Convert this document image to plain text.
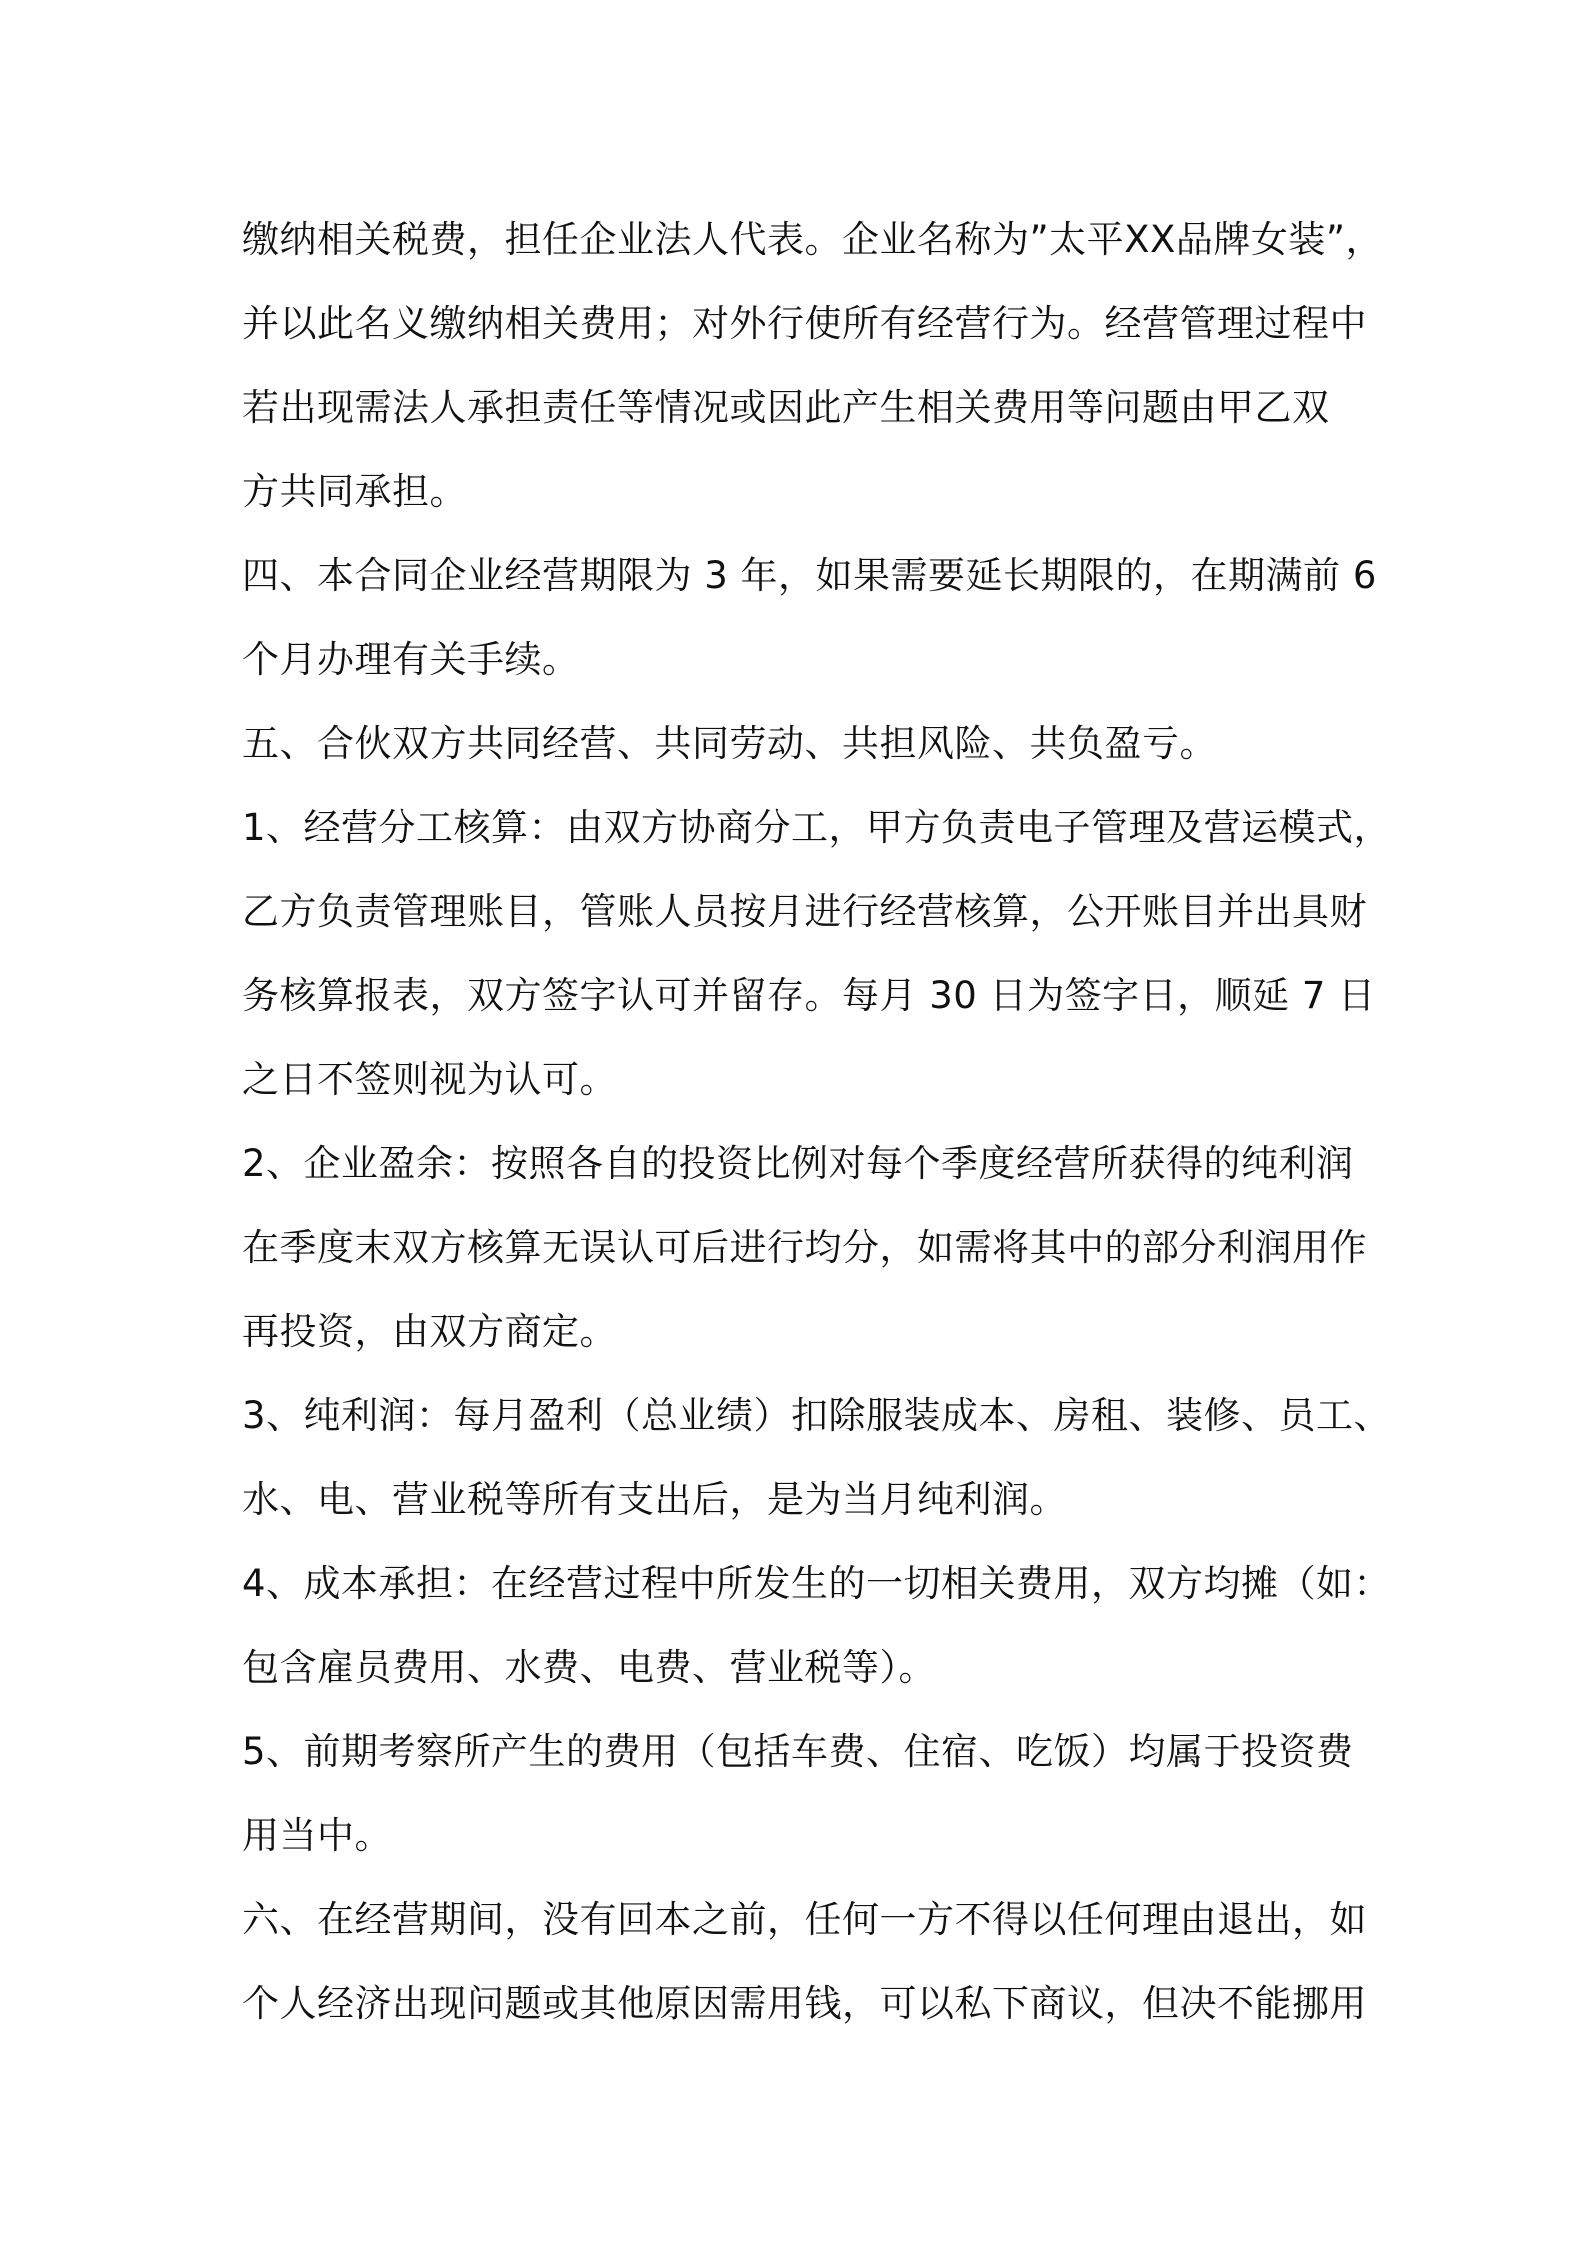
缴纳相关税费，担任企业法人代表。企业名称为”太平XX品牌女装”，
并以此名义缴纳相关费用；对外行使所有经营行为。经营管理过程中
若出现需法人承担责任等情况或因此产生相关费用等问题由甲乙双
方共同承担。
四、本合同企业经营期限为 3 年，如果需要延长期限的，在期满前 6
个月办理有关手续。
五、合伙双方共同经营、共同劳动、共担风险、共负盈亏。
1、经营分工核算：由双方协商分工，甲方负责电子管理及营运模式，
乙方负责管理账目，管账人员按月进行经营核算，公开账目并出具财
务核算报表，双方签字认可并留存。每月 30 日为签字日，顺延 7 日
之日不签则视为认可。
2、企业盈余：按照各自的投资比例对每个季度经营所获得的纯利润
在季度末双方核算无误认可后进行均分，如需将其中的部分利润用作
再投资，由双方商定。
3、纯利润：每月盈利（总业绩）扣除服装成本、房租、装修、员工、
水、电、营业税等所有支出后，是为当月纯利润。
4、成本承担：在经营过程中所发生的一切相关费用，双方均摊（如：
包含雇员费用、水费、电费、营业税等）。
5、前期考察所产生的费用（包括车费、住宿、吃饭）均属于投资费
用当中。
六、在经营期间，没有回本之前，任何一方不得以任何理由退出，如
个人经济出现问题或其他原因需用钱，可以私下商议，但决不能挪用
